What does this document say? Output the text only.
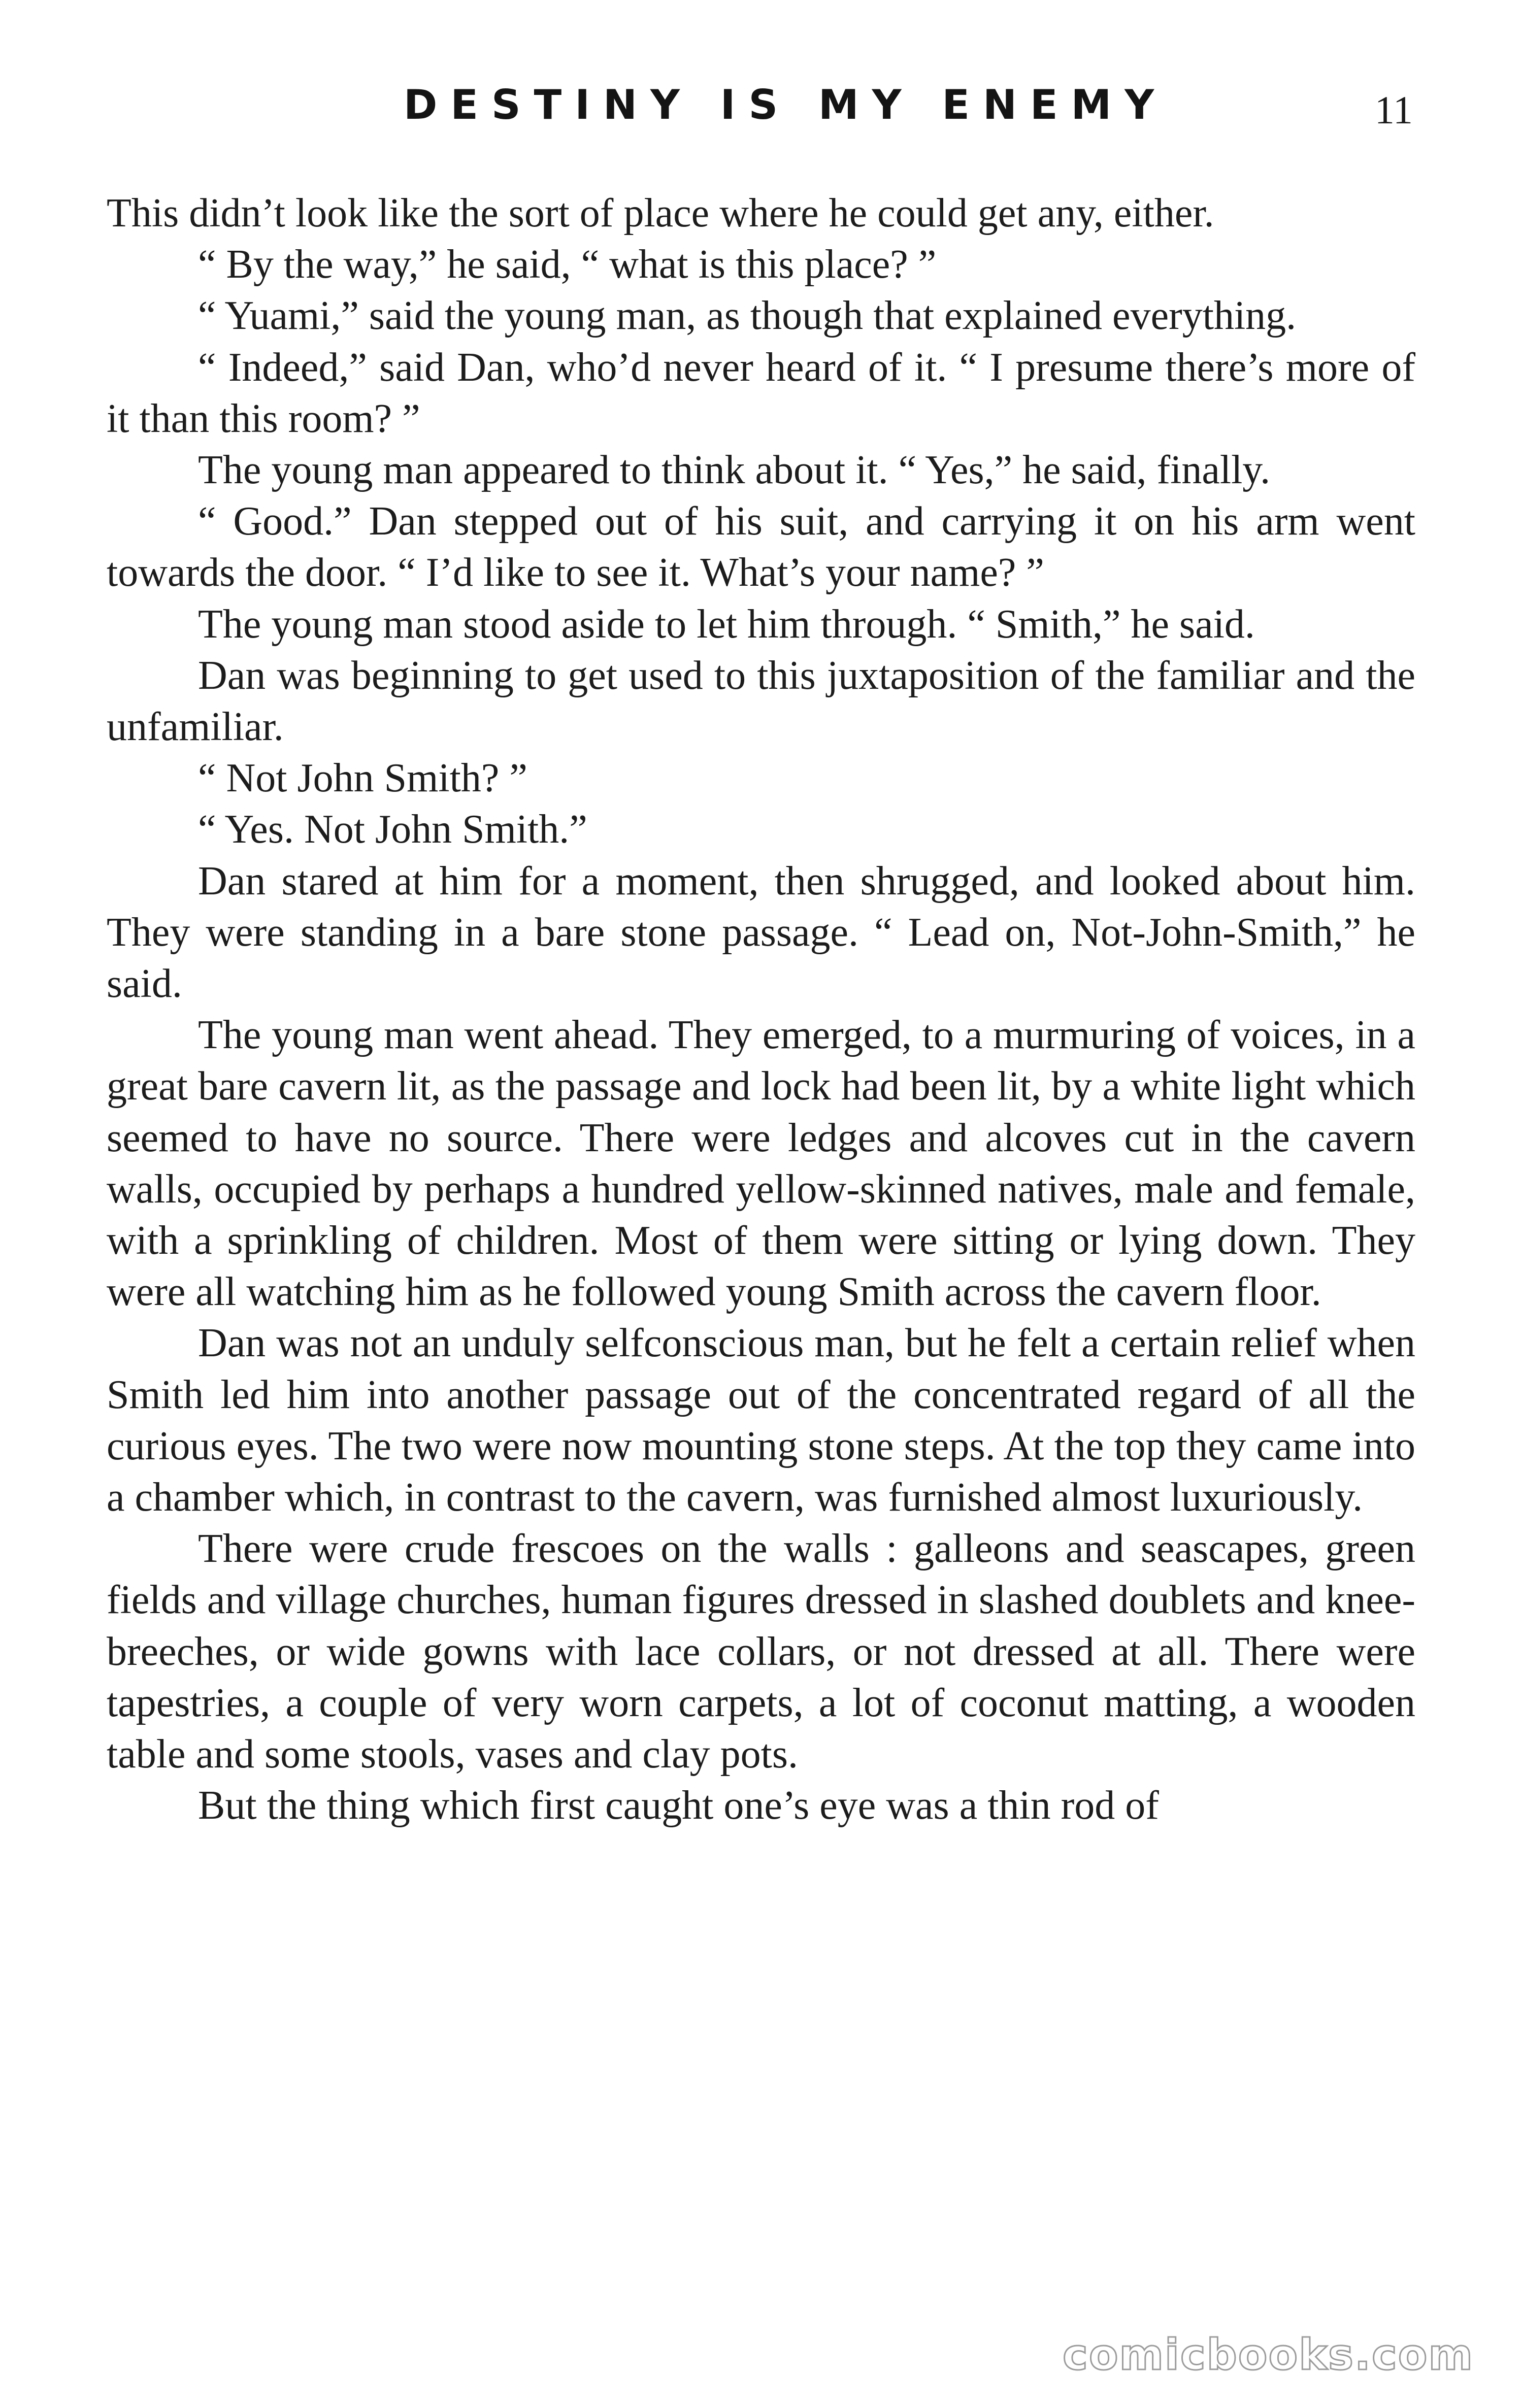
DESTINY IS MY ENEMY	11

This didn’t look like the sort of place where he could get any, either.

“ By the way,” he said, “ what is this place? ”

“ Yuami,” said the young man, as though that explained everything.

“ Indeed,” said Dan, who’d never heard of it. “ I presume there’s more of it than this room? ”

The young man appeared to think about it. “ Yes,” he said, finally.

“ Good.” Dan stepped out of his suit, and carrying it on his arm went towards the door. “ I’d like to see it. What’s your name? ”

The young man stood aside to let him through. “ Smith,” he said.

Dan was beginning to get used to this juxtaposition of the familiar and the unfamiliar.

“ Not John Smith? ”

“ Yes. Not John Smith.”

Dan stared at him for a moment, then shrugged, and looked about him. They were standing in a bare stone passage. “ Lead on, Not-John-Smith,” he said.

The young man went ahead. They emerged, to a murmuring of voices, in a great bare cavern lit, as the passage and lock had been lit, by a white light which seemed to have no source. There were ledges and alcoves cut in the cavern walls, occupied by perhaps a hundred yellow-skinned natives, male and female, with a sprinkling of children. Most of them were sitting or lying down. They were all watching him as he followed young Smith across the cavern floor.

Dan was not an unduly selfconscious man, but he felt a certain relief when Smith led him into another passage out of the concentrated regard of all the curious eyes. The two were now mounting stone steps. At the top they came into a chamber which, in contrast to the cavern, was furnished almost luxuriously.

There were crude frescoes on the walls : galleons and seascapes, green fields and village churches, human figures dressed in slashed doublets and knee-breeches, or wide gowns with lace collars, or not dressed at all. There were tapestries, a couple of very worn carpets, a lot of coconut matting, a wooden table and some stools, vases and clay pots.

But the thing which first caught one’s eye was a thin rod of

comicbooks.com
